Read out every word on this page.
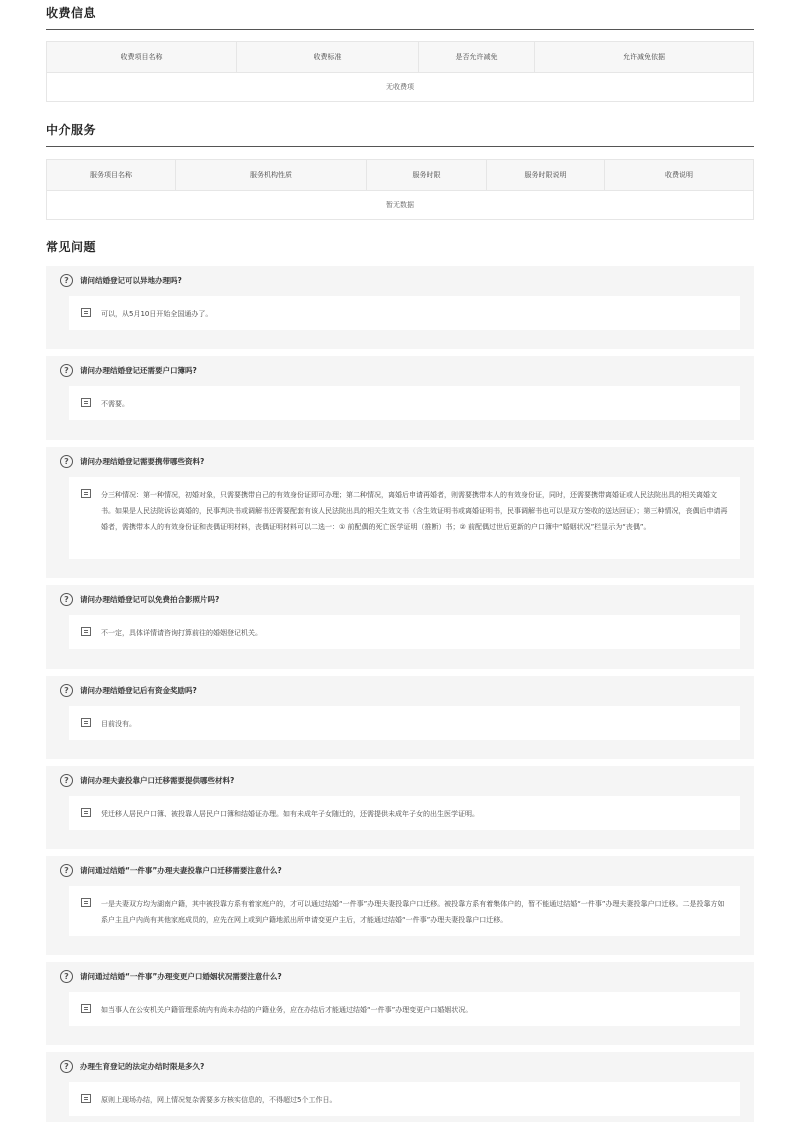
收费信息
收费项目名称	收费标准	是否允许减免	允许减免依据
无收费项
中介服务
服务项目名称	服务机构性质	服务时限	服务时限说明	收费说明
暂无数据
常见问题
?	请问结婚登记可以异地办理吗?
可以，从5月10日开始全国通办了。
?	请问办理结婚登记还需要户口簿吗?
不需要。
?	请问办理结婚登记需要携带哪些资料?
分三种情况：第一种情况，初婚对象，只需要携带自己的有效身份证即可办理；第二种情况，离婚后申请再婚者，则需要携带本人的有效身份证，同时，还需要携带离婚证或人民法院出具的相关离婚文书。如果是人民法院诉讼离婚的，民事判决书或调解书还需要配套有该人民法院出具的相关生效文书（含生效证明书或离婚证明书，民事调解书也可以是双方签收的送达回证）；第三种情况，丧偶后申请再婚者，需携带本人的有效身份证和丧偶证明材料，丧偶证明材料可以二选一：① 前配偶的死亡医学证明（推断）书；② 前配偶过世后更新的户口簿中“婚姻状况”栏显示为“丧偶”。
?	请问办理结婚登记可以免费拍合影照片吗?
不一定，具体详情请咨询打算前往的婚姻登记机关。
?	请问办理结婚登记后有资金奖励吗?
目前没有。
?	请问办理夫妻投靠户口迁移需要提供哪些材料?
凭迁移人居民户口簿、被投靠人居民户口簿和结婚证办理。如有未成年子女随迁的，还需提供未成年子女的出生医学证明。
?	请问通过结婚“一件事”办理夫妻投靠户口迁移需要注意什么?
一是夫妻双方均为湖南户籍，其中被投靠方系有着家庭户的，才可以通过结婚“一件事”办理夫妻投靠户口迁移。被投靠方系有着集体户的，暂不能通过结婚“一件事”办理夫妻投靠户口迁移。二是投靠方如系户主且户内尚有其他家庭成员的，应先在网上或到户籍地派出所申请变更户主后，才能通过结婚“一件事”办理夫妻投靠户口迁移。
?	请问通过结婚“一件事”办理变更户口婚姻状况需要注意什么?
如当事人在公安机关户籍管理系统内有尚未办结的户籍业务，应在办结后才能通过结婚“一件事”办理变更户口婚姻状况。
?	办理生育登记的法定办结时限是多久?
原则上现场办结，网上情况复杂需要多方核实信息的，不得超过5个工作日。
